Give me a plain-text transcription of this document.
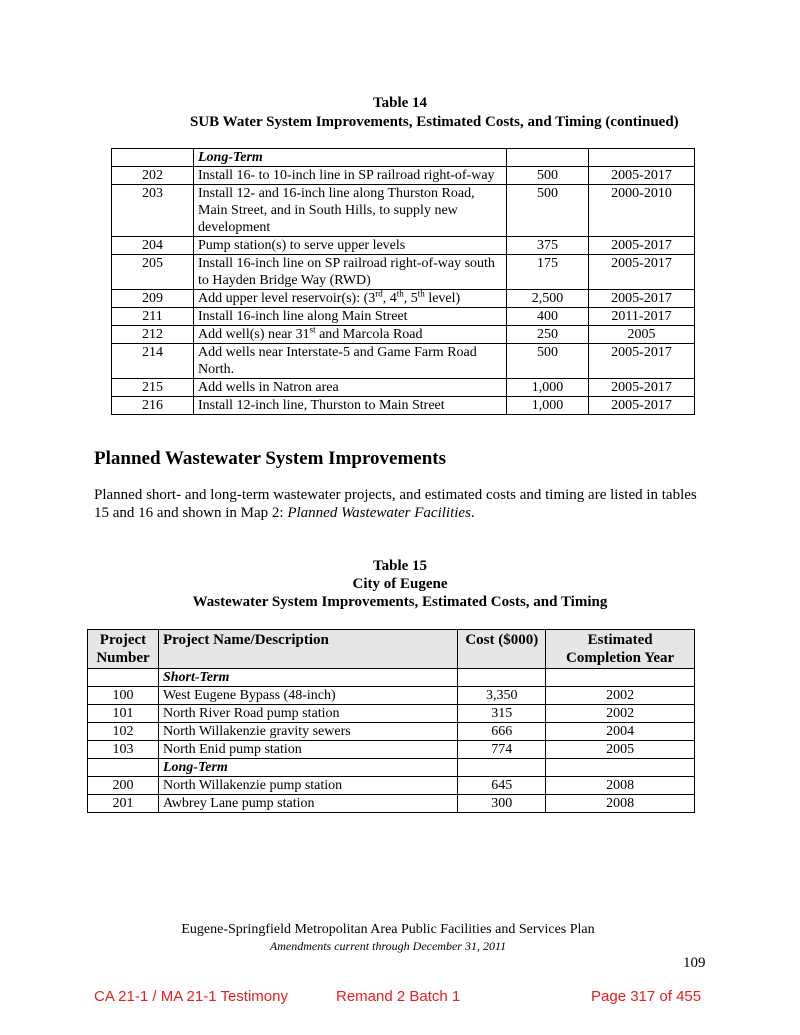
Table 14
SUB Water System Improvements, Estimated Costs, and Timing (continued)
	Long-Term		
202	Install 16- to 10-inch line in SP railroad right-of-way	500	2005-2017
203	Install 12- and 16-inch line along Thurston Road, Main Street, and in South Hills, to supply new development	500	2000-2010
204	Pump station(s) to serve upper levels	375	2005-2017
205	Install 16-inch line on SP railroad right-of-way south to Hayden Bridge Way (RWD)	175	2005-2017
209	Add upper level reservoir(s): (3rd, 4th, 5th level)	2,500	2005-2017
211	Install 16-inch line along Main Street	400	2011-2017
212	Add well(s) near 31st and Marcola Road	250	2005
214	Add wells near Interstate-5 and Game Farm Road North.	500	2005-2017
215	Add wells in Natron area	1,000	2005-2017
216	Install 12-inch line, Thurston to Main Street	1,000	2005-2017
Planned Wastewater System Improvements
Planned short- and long-term wastewater projects, and estimated costs and timing are listed in tables 15 and 16 and shown in Map 2: Planned Wastewater Facilities.
Table 15
City of Eugene
Wastewater System Improvements, Estimated Costs, and Timing
Project Number	Project Name/Description	Cost ($000)	Estimated Completion Year
	Short-Term		
100	West Eugene Bypass (48-inch)	3,350	2002
101	North River Road pump station	315	2002
102	North Willakenzie gravity sewers	666	2004
103	North Enid pump station	774	2005
	Long-Term		
200	North Willakenzie pump station	645	2008
201	Awbrey Lane pump station	300	2008
Eugene-Springfield Metropolitan Area Public Facilities and Services Plan
Amendments current through December 31, 2011
109
CA 21-1 / MA 21-1 Testimony	Remand 2 Batch 1	Page 317 of 455
